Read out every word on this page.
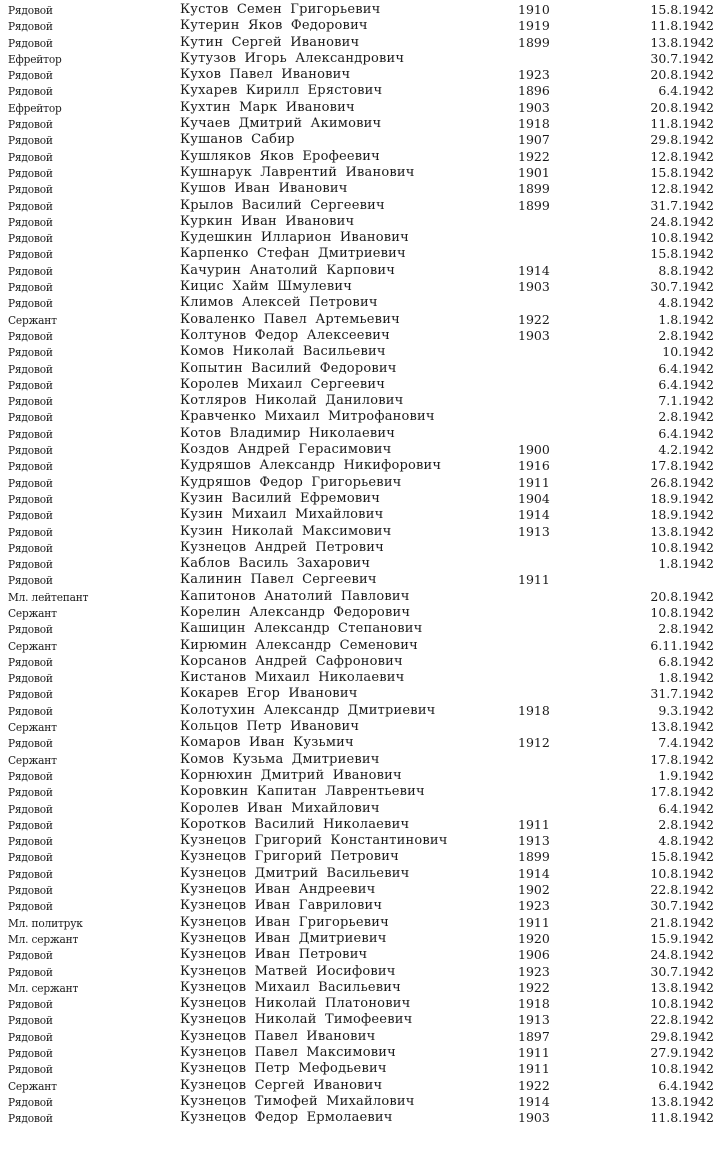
Рядовой	Кустов Семен Григорьевич	1910	15.8.1942
Рядовой	Кутерин Яков Федорович	1919	11.8.1942
Рядовой	Кутин Сергей Иванович	1899	13.8.1942
Ефрейтор	Кутузов Игорь Александрович	30.7.1942
Рядовой	Кухов Павел Иванович	1923	20.8.1942
Рядовой	Кухарев Кирилл Ерястович	1896	6.4.1942
Ефрейтор	Кухтин Марк Иванович	1903	20.8.1942
Рядовой	Кучаев Дмитрий Акимович	1918	11.8.1942
Рядовой	Кушанов Сабир	1907	29.8.1942
Рядовой	Кушляков Яков Ерофеевич	1922	12.8.1942
Рядовой	Кушнарук Лаврентий Иванович	1901	15.8.1942
Рядовой	Кушов Иван Иванович	1899	12.8.1942
Рядовой	Крылов Василий Сергеевич	1899	31.7.1942
Рядовой	Куркин Иван Иванович	24.8.1942
Рядовой	Кудешкин Илларион Иванович	10.8.1942
Рядовой	Карпенко Стефан Дмитриевич	15.8.1942
Рядовой	Качурин Анатолий Карпович	1914	8.8.1942
Рядовой	Кицис Хайм Шмулевич	1903	30.7.1942
Рядовой	Климов Алексей Петрович	4.8.1942
Сержант	Коваленко Павел Артемьевич	1922	1.8.1942
Рядовой	Колтунов Федор Алексеевич	1903	2.8.1942
Рядовой	Комов Николай Васильевич	10.1942
Рядовой	Копытин Василий Федорович	6.4.1942
Рядовой	Королев Михаил Сергеевич	6.4.1942
Рядовой	Котляров Николай Данилович	7.1.1942
Рядовой	Кравченко Михаил Митрофанович	2.8.1942
Рядовой	Котов Владимир Николаевич	6.4.1942
Рядовой	Коздов Андрей Герасимович	1900	4.2.1942
Рядовой	Кудряшов Александр Никифорович	1916	17.8.1942
Рядовой	Кудряшов Федор Григорьевич	1911	26.8.1942
Рядовой	Кузин Василий Ефремович	1904	18.9.1942
Рядовой	Кузин Михаил Михайлович	1914	18.9.1942
Рядовой	Кузин Николай Максимович	1913	13.8.1942
Рядовой	Кузнецов Андрей Петрович	10.8.1942
Рядовой	Каблов Василь Захарович	1.8.1942
Рядовой	Калинин Павел Сергеевич	1911
Мл. лейтепант	Капитонов Анатолий Павлович	20.8.1942
Сержант	Корелин Александр Федорович	10.8.1942
Рядовой	Кашицин Александр Степанович	2.8.1942
Сержант	Кирюмин Александр Семенович	6.11.1942
Рядовой	Корсанов Андрей Сафронович	6.8.1942
Рядовой	Кистанов Михаил Николаевич	1.8.1942
Рядовой	Кокарев Егор Иванович	31.7.1942
Рядовой	Колотухин Александр Дмитриевич	1918	9.3.1942
Сержант	Кольцов Петр Иванович	13.8.1942
Рядовой	Комаров Иван Кузьмич	1912	7.4.1942
Сержант	Комов Кузьма Дмитриевич	17.8.1942
Рядовой	Корнюхин Дмитрий Иванович	1.9.1942
Рядовой	Коровкин Капитан Лаврентьевич	17.8.1942
Рядовой	Королев Иван Михайлович	6.4.1942
Рядовой	Коротков Василий Николаевич	1911	2.8.1942
Рядовой	Кузнецов Григорий Константинович	1913	4.8.1942
Рядовой	Кузнецов Григорий Петрович	1899	15.8.1942
Рядовой	Кузнецов Дмитрий Васильевич	1914	10.8.1942
Рядовой	Кузнецов Иван Андреевич	1902	22.8.1942
Рядовой	Кузнецов Иван Гаврилович	1923	30.7.1942
Мл. политрук	Кузнецов Иван Григорьевич	1911	21.8.1942
Мл. сержант	Кузнецов Иван Дмитриевич	1920	15.9.1942
Рядовой	Кузнецов Иван Петрович	1906	24.8.1942
Рядовой	Кузнецов Матвей Иосифович	1923	30.7.1942
Мл. сержант	Кузнецов Михаил Васильевич	1922	13.8.1942
Рядовой	Кузнецов Николай Платонович	1918	10.8.1942
Рядовой	Кузнецов Николай Тимофеевич	1913	22.8.1942
Рядовой	Кузнецов Павел Иванович	1897	29.8.1942
Рядовой	Кузнецов Павел Максимович	1911	27.9.1942
Рядовой	Кузнецов Петр Мефодьевич	1911	10.8.1942
Сержант	Кузнецов Сергей Иванович	1922	6.4.1942
Рядовой	Кузнецов Тимофей Михайлович	1914	13.8.1942
Рядовой	Кузнецов Федор Ермолаевич	1903	11.8.1942
